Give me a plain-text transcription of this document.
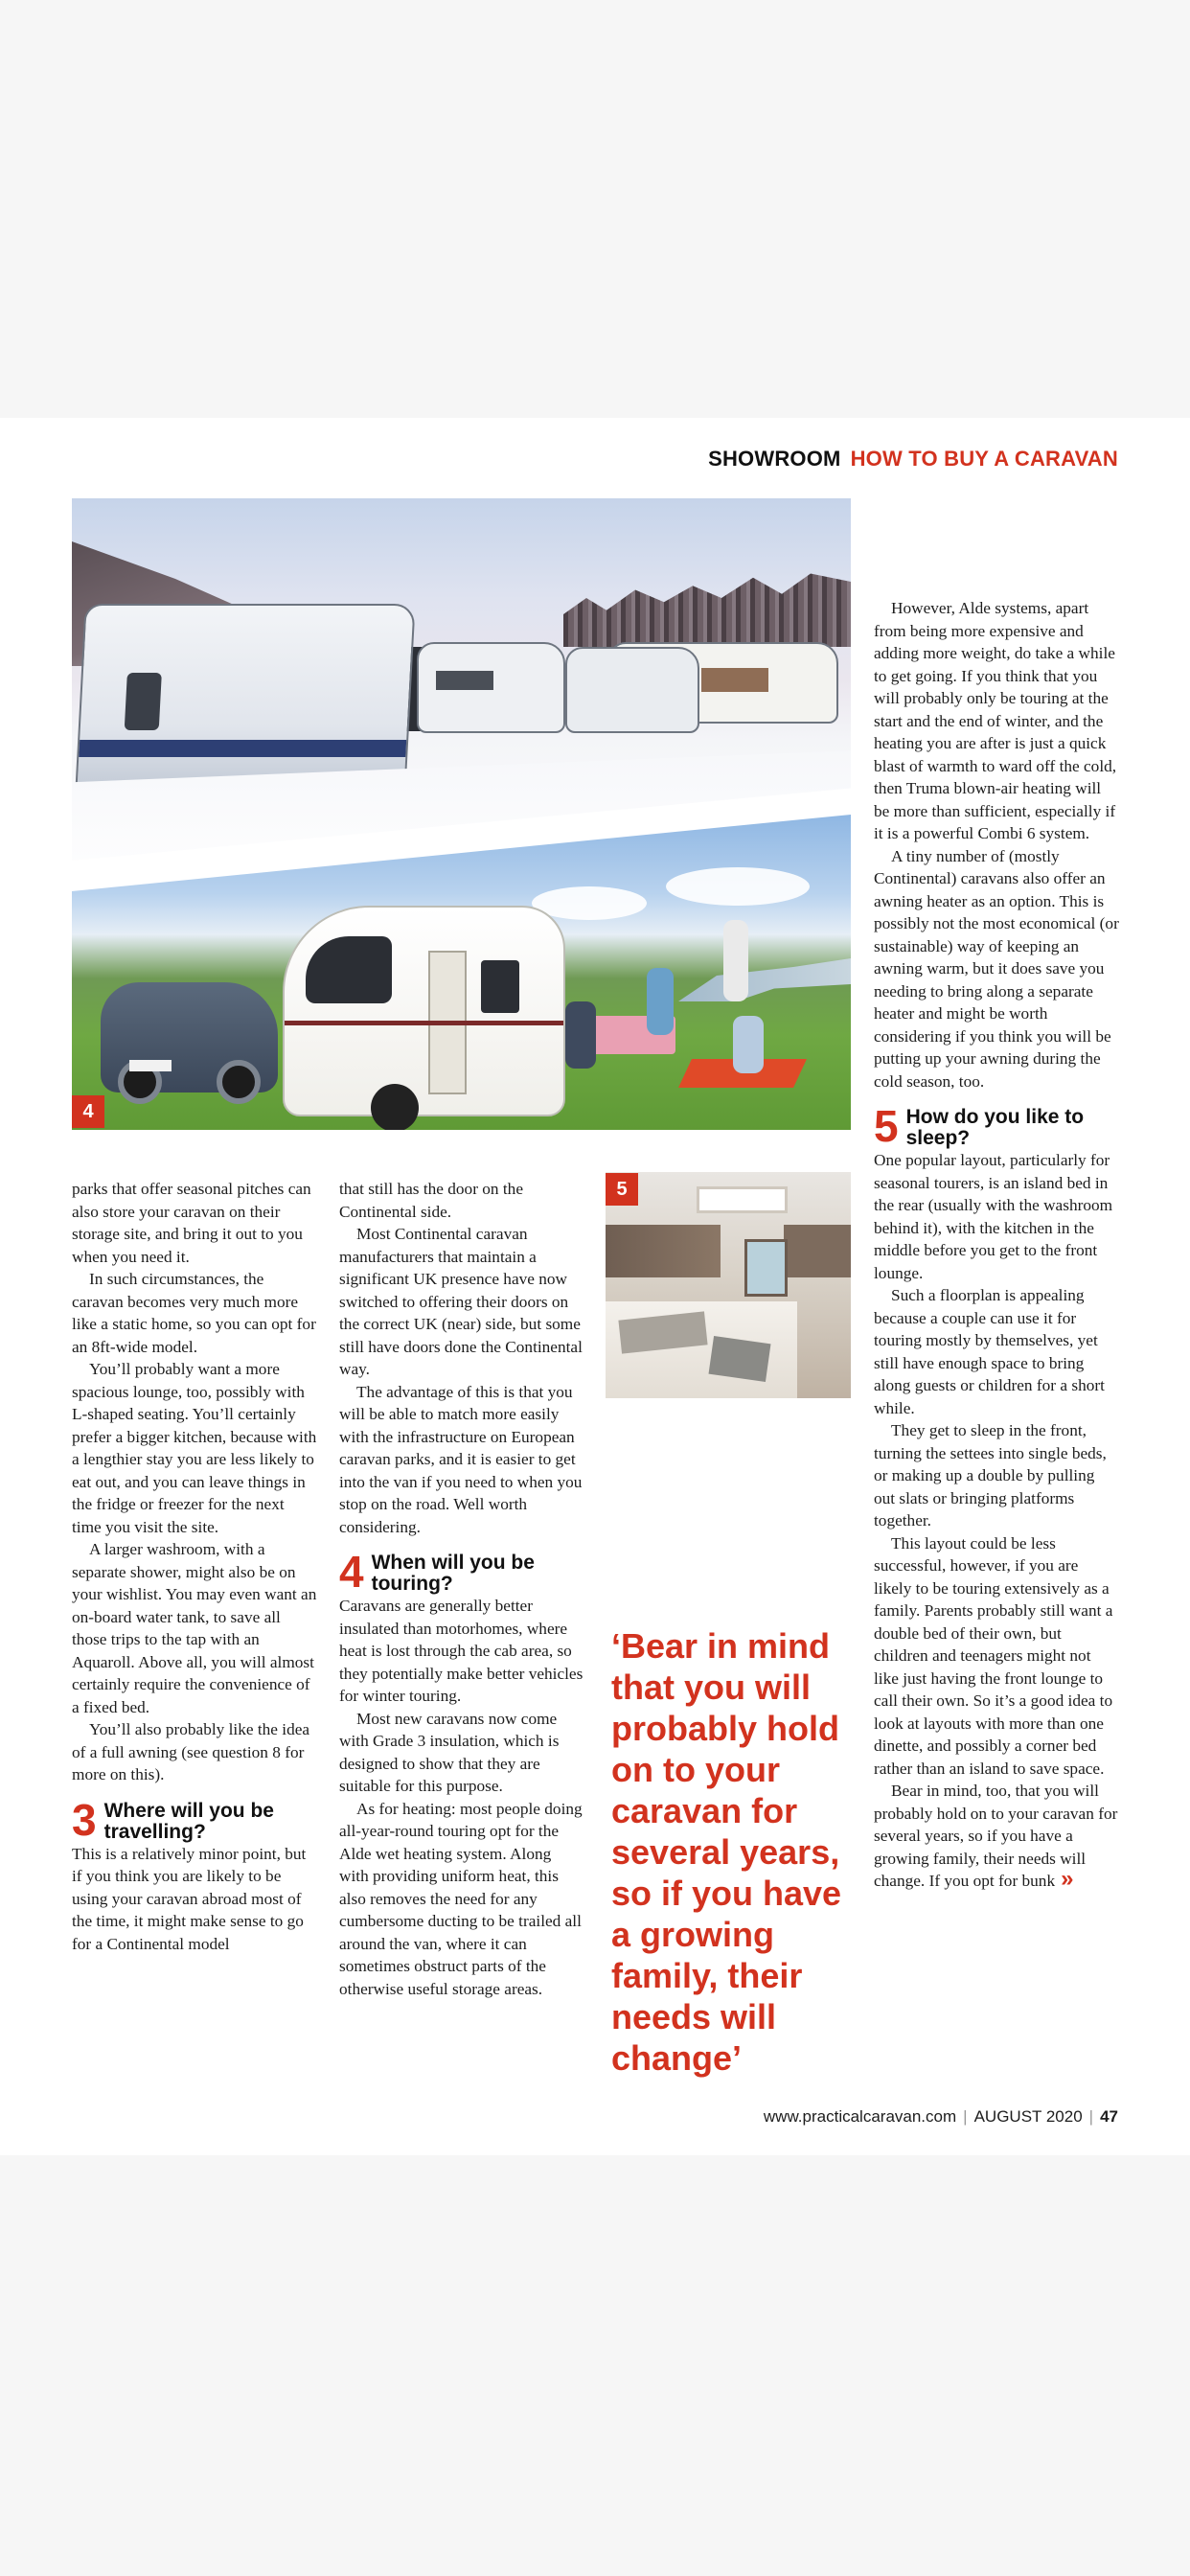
SHOWROOM HOW TO BUY A CARAVAN
4
5

parks that offer seasonal pitches can also store your caravan on their storage site, and bring it out to you when you need it.

In such circumstances, the caravan becomes very much more like a static home, so you can opt for an 8ft-wide model.

You’ll probably want a more spacious lounge, too, possibly with L-shaped seating. You’ll certainly prefer a bigger kitchen, because with a lengthier stay you are less likely to eat out, and you can leave things in the fridge or freezer for the next time you visit the site.

A larger washroom, with a separate shower, might also be on your wishlist. You may even want an on-board water tank, to save all those trips to the tap with an Aquaroll. Above all, you will almost certainly require the convenience of a fixed bed.

You’ll also probably like the idea of a full awning (see question 8 for more on this).

3 Where will you be travelling?

This is a relatively minor point, but if you think you are likely to be using your caravan abroad most of the time, it might make sense to go for a Continental model

that still has the door on the Continental side.

Most Continental caravan manufacturers that maintain a significant UK presence have now switched to offering their doors on the correct UK (near) side, but some still have doors done the Continental way.

The advantage of this is that you will be able to match more easily with the infrastructure on European caravan parks, and it is easier to get into the van if you need to when you stop on the road. Well worth considering.

4 When will you be touring?

Caravans are generally better insulated than motorhomes, where heat is lost through the cab area, so they potentially make better vehicles for winter touring.

Most new caravans now come with Grade 3 insulation, which is designed to show that they are suitable for this purpose.

As for heating: most people doing all-year-round touring opt for the Alde wet heating system. Along with providing uniform heat, this also removes the need for any cumbersome ducting to be trailed all around the van, where it can sometimes obstruct parts of the otherwise useful storage areas.

‘Bear in mind that you will probably hold on to your caravan for several years, so if you have a growing family, their needs will change’

However, Alde systems, apart from being more expensive and adding more weight, do take a while to get going. If you think that you will probably only be touring at the start and the end of winter, and the heating you are after is just a quick blast of warmth to ward off the cold, then Truma blown-air heating will be more than sufficient, especially if it is a powerful Combi 6 system.

A tiny number of (mostly Continental) caravans also offer an awning heater as an option. This is possibly not the most economical (or sustainable) way of keeping an awning warm, but it does save you needing to bring along a separate heater and might be worth considering if you think you will be putting up your awning during the cold season, too.

5 How do you like to sleep?

One popular layout, particularly for seasonal tourers, is an island bed in the rear (usually with the washroom behind it), with the kitchen in the middle before you get to the front lounge.

Such a floorplan is appealing because a couple can use it for touring mostly by themselves, yet still have enough space to bring along guests or children for a short while.

They get to sleep in the front, turning the settees into single beds, or making up a double by pulling out slats or bringing platforms together.

This layout could be less successful, however, if you are likely to be touring extensively as a family. Parents probably still want a double bed of their own, but children and teenagers might not like just having the front lounge to call their own. So it’s a good idea to look at layouts with more than one dinette, and possibly a corner bed rather than an island to save space.

Bear in mind, too, that you will probably hold on to your caravan for several years, so if you have a growing family, their needs will change. If you opt for bunk »

www.practicalcaravan.com | AUGUST 2020 | 47
